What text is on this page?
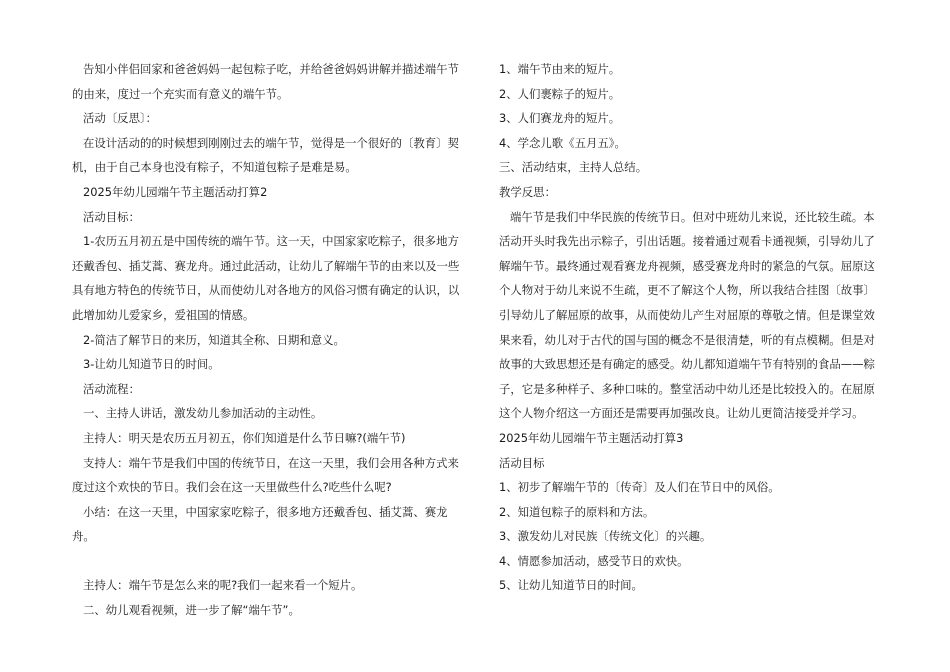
告知小伴侣回家和爸爸妈妈一起包粽子吃，并给爸爸妈妈讲解并描述端午节的由来，度过一个充实而有意义的端午节。

活动〔反思〕：

在设计活动的的时候想到刚刚过去的端午节，觉得是一个很好的〔教育〕契机，由于自己本身也没有粽子，不知道包粽子是难是易。

2025年幼儿园端午节主题活动打算2

活动目标：

1-农历五月初五是中国传统的端午节。这一天，中国家家吃粽子，很多地方还戴香包、插艾蒿、赛龙舟。通过此活动，让幼儿了解端午节的由来以及一些具有地方特色的传统节日，从而使幼儿对各地方的风俗习惯有确定的认识，以此增加幼儿爱家乡，爱祖国的情感。

2-简洁了解节日的来历，知道其全称、日期和意义。

3-让幼儿知道节日的时间。

活动流程：

一、主持人讲话，激发幼儿参加活动的主动性。

主持人：明天是农历五月初五，你们知道是什么节日嘛?(端午节)

支持人：端午节是我们中国的传统节日，在这一天里，我们会用各种方式来度过这个欢快的节日。我们会在这一天里做些什么?吃些什么呢?

小结：在这一天里，中国家家吃粽子，很多地方还戴香包、插艾蒿、赛龙舟。

主持人：端午节是怎么来的呢?我们一起来看一个短片。

二、幼儿观看视频，进一步了解“端午节”。

1、端午节由来的短片。

2、人们裹粽子的短片。

3、人们赛龙舟的短片。

4、学念儿歌《五月五》。

三、活动结束，主持人总结。

教学反思：

端午节是我们中华民族的传统节日。但对中班幼儿来说，还比较生疏。本活动开头时我先出示粽子，引出话题。接着通过观看卡通视频，引导幼儿了解端午节。最终通过观看赛龙舟视频，感受赛龙舟时的紧急的气氛。屈原这个人物对于幼儿来说不生疏，更不了解这个人物，所以我结合挂图〔故事〕引导幼儿了解屈原的故事，从而使幼儿产生对屈原的尊敬之情。但是课堂效果来看，幼儿对于古代的国与国的概念不是很清楚，听的有点模糊。但是对故事的大致思想还是有确定的感受。幼儿都知道端午节有特别的食品——粽子，它是多种样子、多种口味的。整堂活动中幼儿还是比较投入的。在屈原这个人物介绍这一方面还是需要再加强改良。让幼儿更简洁接受并学习。

2025年幼儿园端午节主题活动打算3

活动目标

1、初步了解端午节的〔传奇〕及人们在节日中的风俗。

2、知道包粽子的原料和方法。

3、激发幼儿对民族〔传统文化〕的兴趣。

4、情愿参加活动，感受节日的欢快。

5、让幼儿知道节日的时间。
